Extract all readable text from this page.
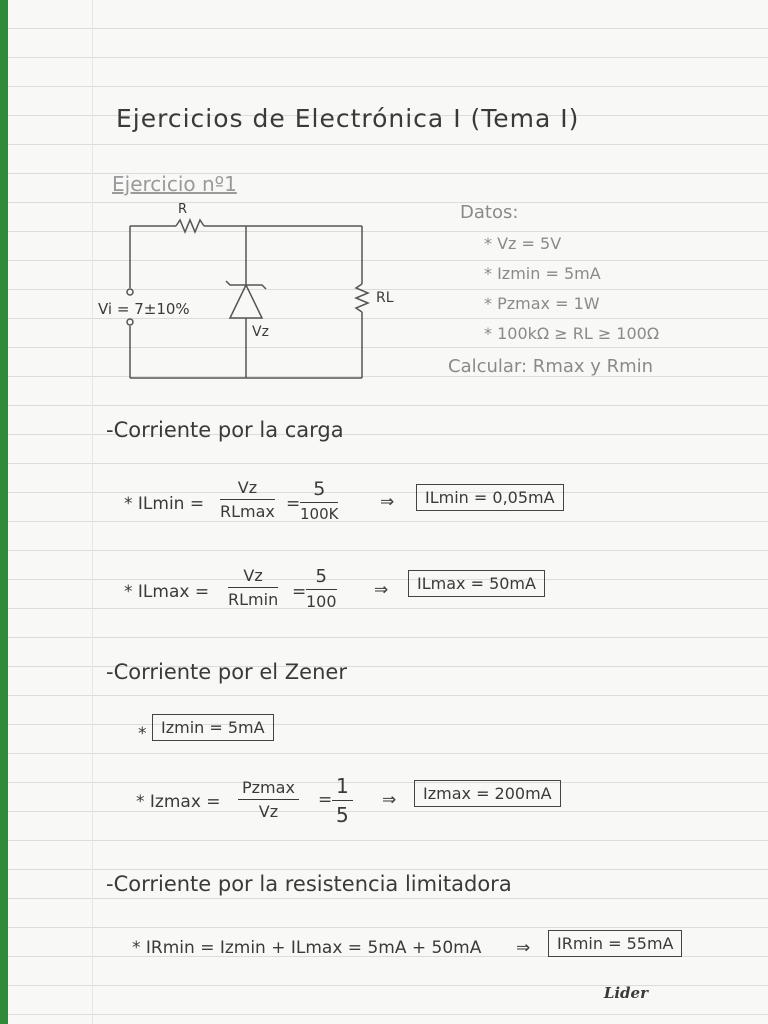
Ejercicios de Electrónica I (Tema I)
Ejercicio nº1
R
Vi = 7±10%
Vz
RL
Datos:
* Vz = 5V
* Izmin = 5mA
* Pzmax = 1W
* 100kΩ ≥ RL ≥ 100Ω
Calcular: Rmax y Rmin
-Corriente por la carga
* ILmin =
Vz
RLmax =
5
100K
⇒	ILmin = 0,05mA
* ILmax =
Vz
$RLmin = \frac{5}{100}$ ⇒	ILmax = 50mA
-Corriente por el Zener
* Izmin = 5mA
* Izmax =
Pzmax
Vz
= $\frac{1}{5}$ ⇒	Izmax = 200mA
-Corriente por la resistencia limitadora
* IRmin = Izmin + ILmax = 5mA + 50mA ⇒	IRmin = 55mA
Lider
